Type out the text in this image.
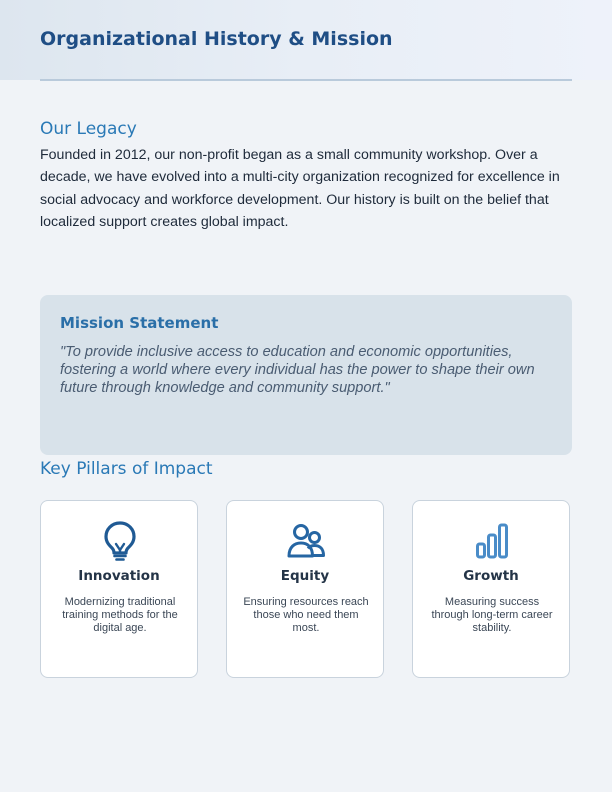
Organizational History & Mission
Our Legacy

Founded in 2012, our non-profit began as a small community workshop. Over a decade, we have evolved into a multi-city organization recognized for excellence in social advocacy and workforce development. Our history is built on the belief that localized support creates global impact.

Mission Statement

"To provide inclusive access to education and economic opportunities, fostering a world where every individual has the power to shape their own future through knowledge and community support."

Key Pillars of Impact
Innovation

Modernizing traditional training methods for the digital age.

Equity

Ensuring resources reach those who need them most.

Growth

Measuring success through long-term career stability.
